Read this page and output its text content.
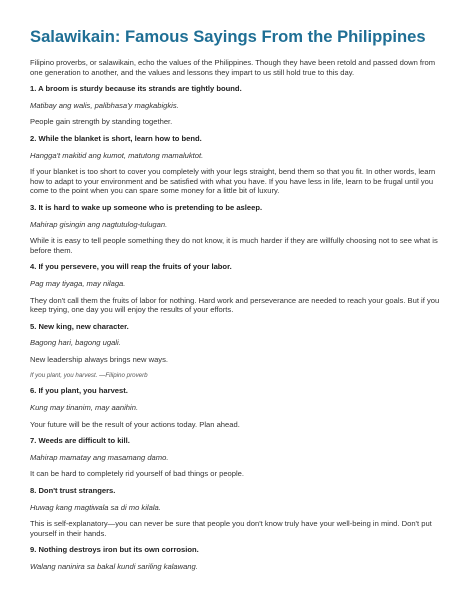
Salawikain: Famous Sayings From the Philippines

Filipino proverbs, or salawikain, echo the values of the Philippines. Though they have been retold and passed down from one generation to another, and the values and lessons they impart to us still hold true to this day.

1. A broom is sturdy because its strands are tightly bound.

Matibay ang walis, palibhasa'y magkabigkis.

People gain strength by standing together.

2. While the blanket is short, learn how to bend.

Hangga't makitid ang kumot, matutong mamaluktot.

If your blanket is too short to cover you completely with your legs straight, bend them so that you fit. In other words, learn how to adapt to your environment and be satisfied with what you have. If you have less in life, learn to be frugal until you come to the point when you can spare some money for a little bit of luxury.

3. It is hard to wake up someone who is pretending to be asleep.

Mahirap gisingin ang nagtutulog-tulugan.

While it is easy to tell people something they do not know, it is much harder if they are willfully choosing not to see what is before them.

4. If you persevere, you will reap the fruits of your labor.

Pag may tiyaga, may nilaga.

They don't call them the fruits of labor for nothing. Hard work and perseverance are needed to reach your goals. But if you keep trying, one day you will enjoy the results of your efforts.

5. New king, new character.

Bagong hari, bagong ugali.

New leadership always brings new ways.

If you plant, you harvest. —Filipino proverb

6. If you plant, you harvest.

Kung may tinanim, may aanihin.

Your future will be the result of your actions today. Plan ahead.

7. Weeds are difficult to kill.

Mahirap mamatay ang masamang damo.

It can be hard to completely rid yourself of bad things or people.

8. Don't trust strangers.

Huwag kang magtiwala sa di mo kilala.

This is self-explanatory—you can never be sure that people you don't know truly have your well-being in mind. Don't put yourself in their hands.

9. Nothing destroys iron but its own corrosion.

Walang naninira sa bakal kundi sariling kalawang.
